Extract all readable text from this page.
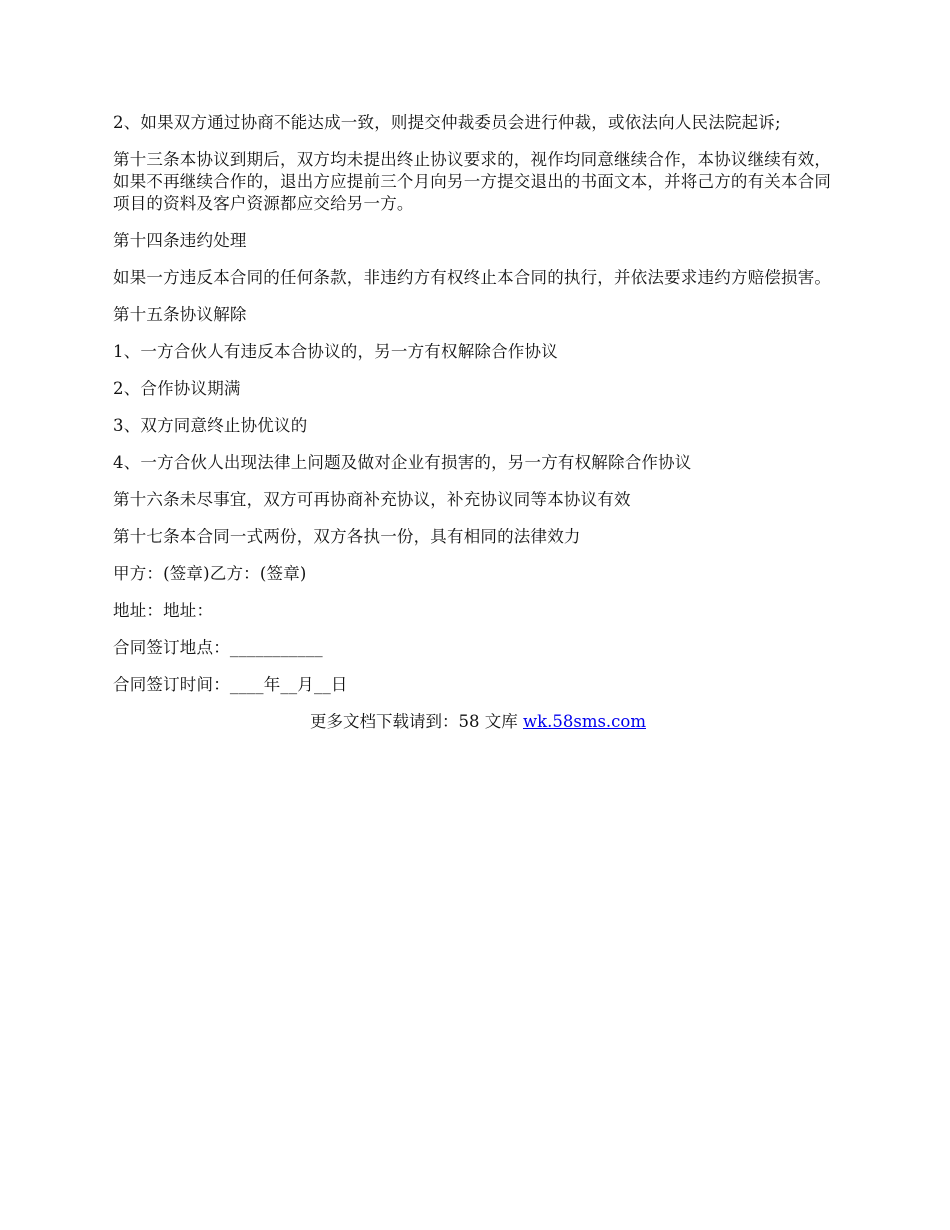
2、如果双方通过协商不能达成一致，则提交仲裁委员会进行仲裁，或依法向人民法院起诉;

第十三条本协议到期后，双方均未提出终止协议要求的，视作均同意继续合作，本协议继续有效，如果不再继续合作的，退出方应提前三个月向另一方提交退出的书面文本，并将己方的有关本合同项目的资料及客户资源都应交给另一方。

第十四条违约处理

如果一方违反本合同的任何条款，非违约方有权终止本合同的执行，并依法要求违约方赔偿损害。

第十五条协议解除

1、一方合伙人有违反本合协议的，另一方有权解除合作协议

2、合作协议期满

3、双方同意终止协优议的

4、一方合伙人出现法律上问题及做对企业有损害的，另一方有权解除合作协议

第十六条未尽事宜，双方可再协商补充协议，补充协议同等本协议有效

第十七条本合同一式两份，双方各执一份，具有相同的法律效力

甲方：(签章)乙方：(签章)

地址：地址：

合同签订地点：___________

合同签订时间：____年__月__日

更多文档下载请到：58 文库 wk.58sms.com
